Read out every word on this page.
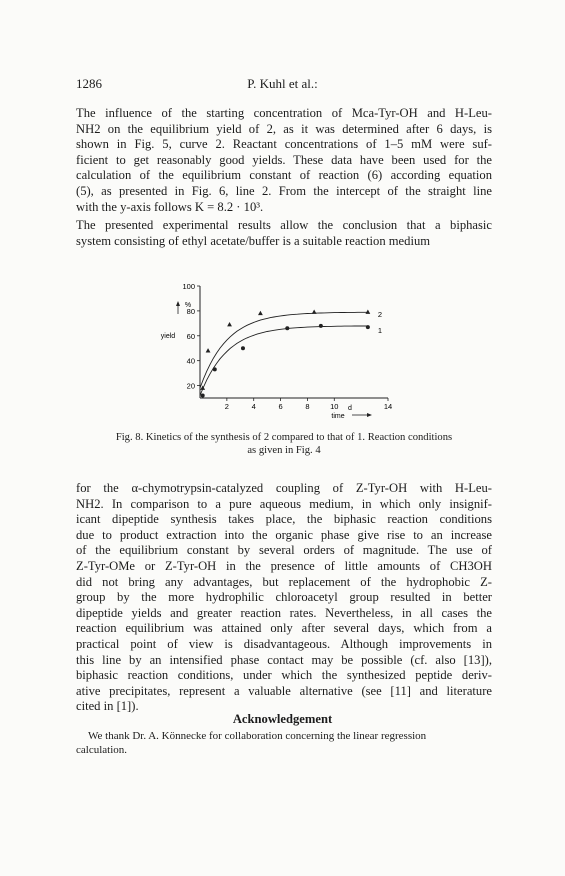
1286	P. Kuhl et al.:
The influence of the starting concentration of Mca-Tyr-OH and H-Leu-
NH2 on the equilibrium yield of 2, as it was determined after 6 days, is
shown in Fig. 5, curve 2. Reactant concentrations of 1–5 mM were suf-
ficient to get reasonably good yields. These data have been used for the
calculation of the equilibrium constant of reaction (6) according equation
(5), as presented in Fig. 6, line 2. From the intercept of the straight line
with the y-axis follows K = 8.2 · 10³.
The presented experimental results allow the conclusion that a biphasic
system consisting of ethyl acetate/buffer is a suitable reaction medium
100
80
60
40
20
2	4	6	8	10	14
%
yield
d
time
2
1
Fig. 8. Kinetics of the synthesis of 2 compared to that of 1. Reaction conditions
as given in Fig. 4
for the α-chymotrypsin-catalyzed coupling of Z-Tyr-OH with H-Leu-
NH2. In comparison to a pure aqueous medium, in which only insignif-
icant dipeptide synthesis takes place, the biphasic reaction conditions
due to product extraction into the organic phase give rise to an increase
of the equilibrium constant by several orders of magnitude. The use of
Z-Tyr-OMe or Z-Tyr-OH in the presence of little amounts of CH3OH
did not bring any advantages, but replacement of the hydrophobic Z-
group by the more hydrophilic chloroacetyl group resulted in better
dipeptide yields and greater reaction rates. Nevertheless, in all cases the
reaction equilibrium was attained only after several days, which from a
practical point of view is disadvantageous. Although improvements in
this line by an intensified phase contact may be possible (cf. also [13]),
biphasic reaction conditions, under which the synthesized peptide deriv-
ative precipitates, represent a valuable alternative (see [11] and literature
cited in [1]).
Acknowledgement
We thank Dr. A. Könnecke for collaboration concerning the linear regression
calculation.
